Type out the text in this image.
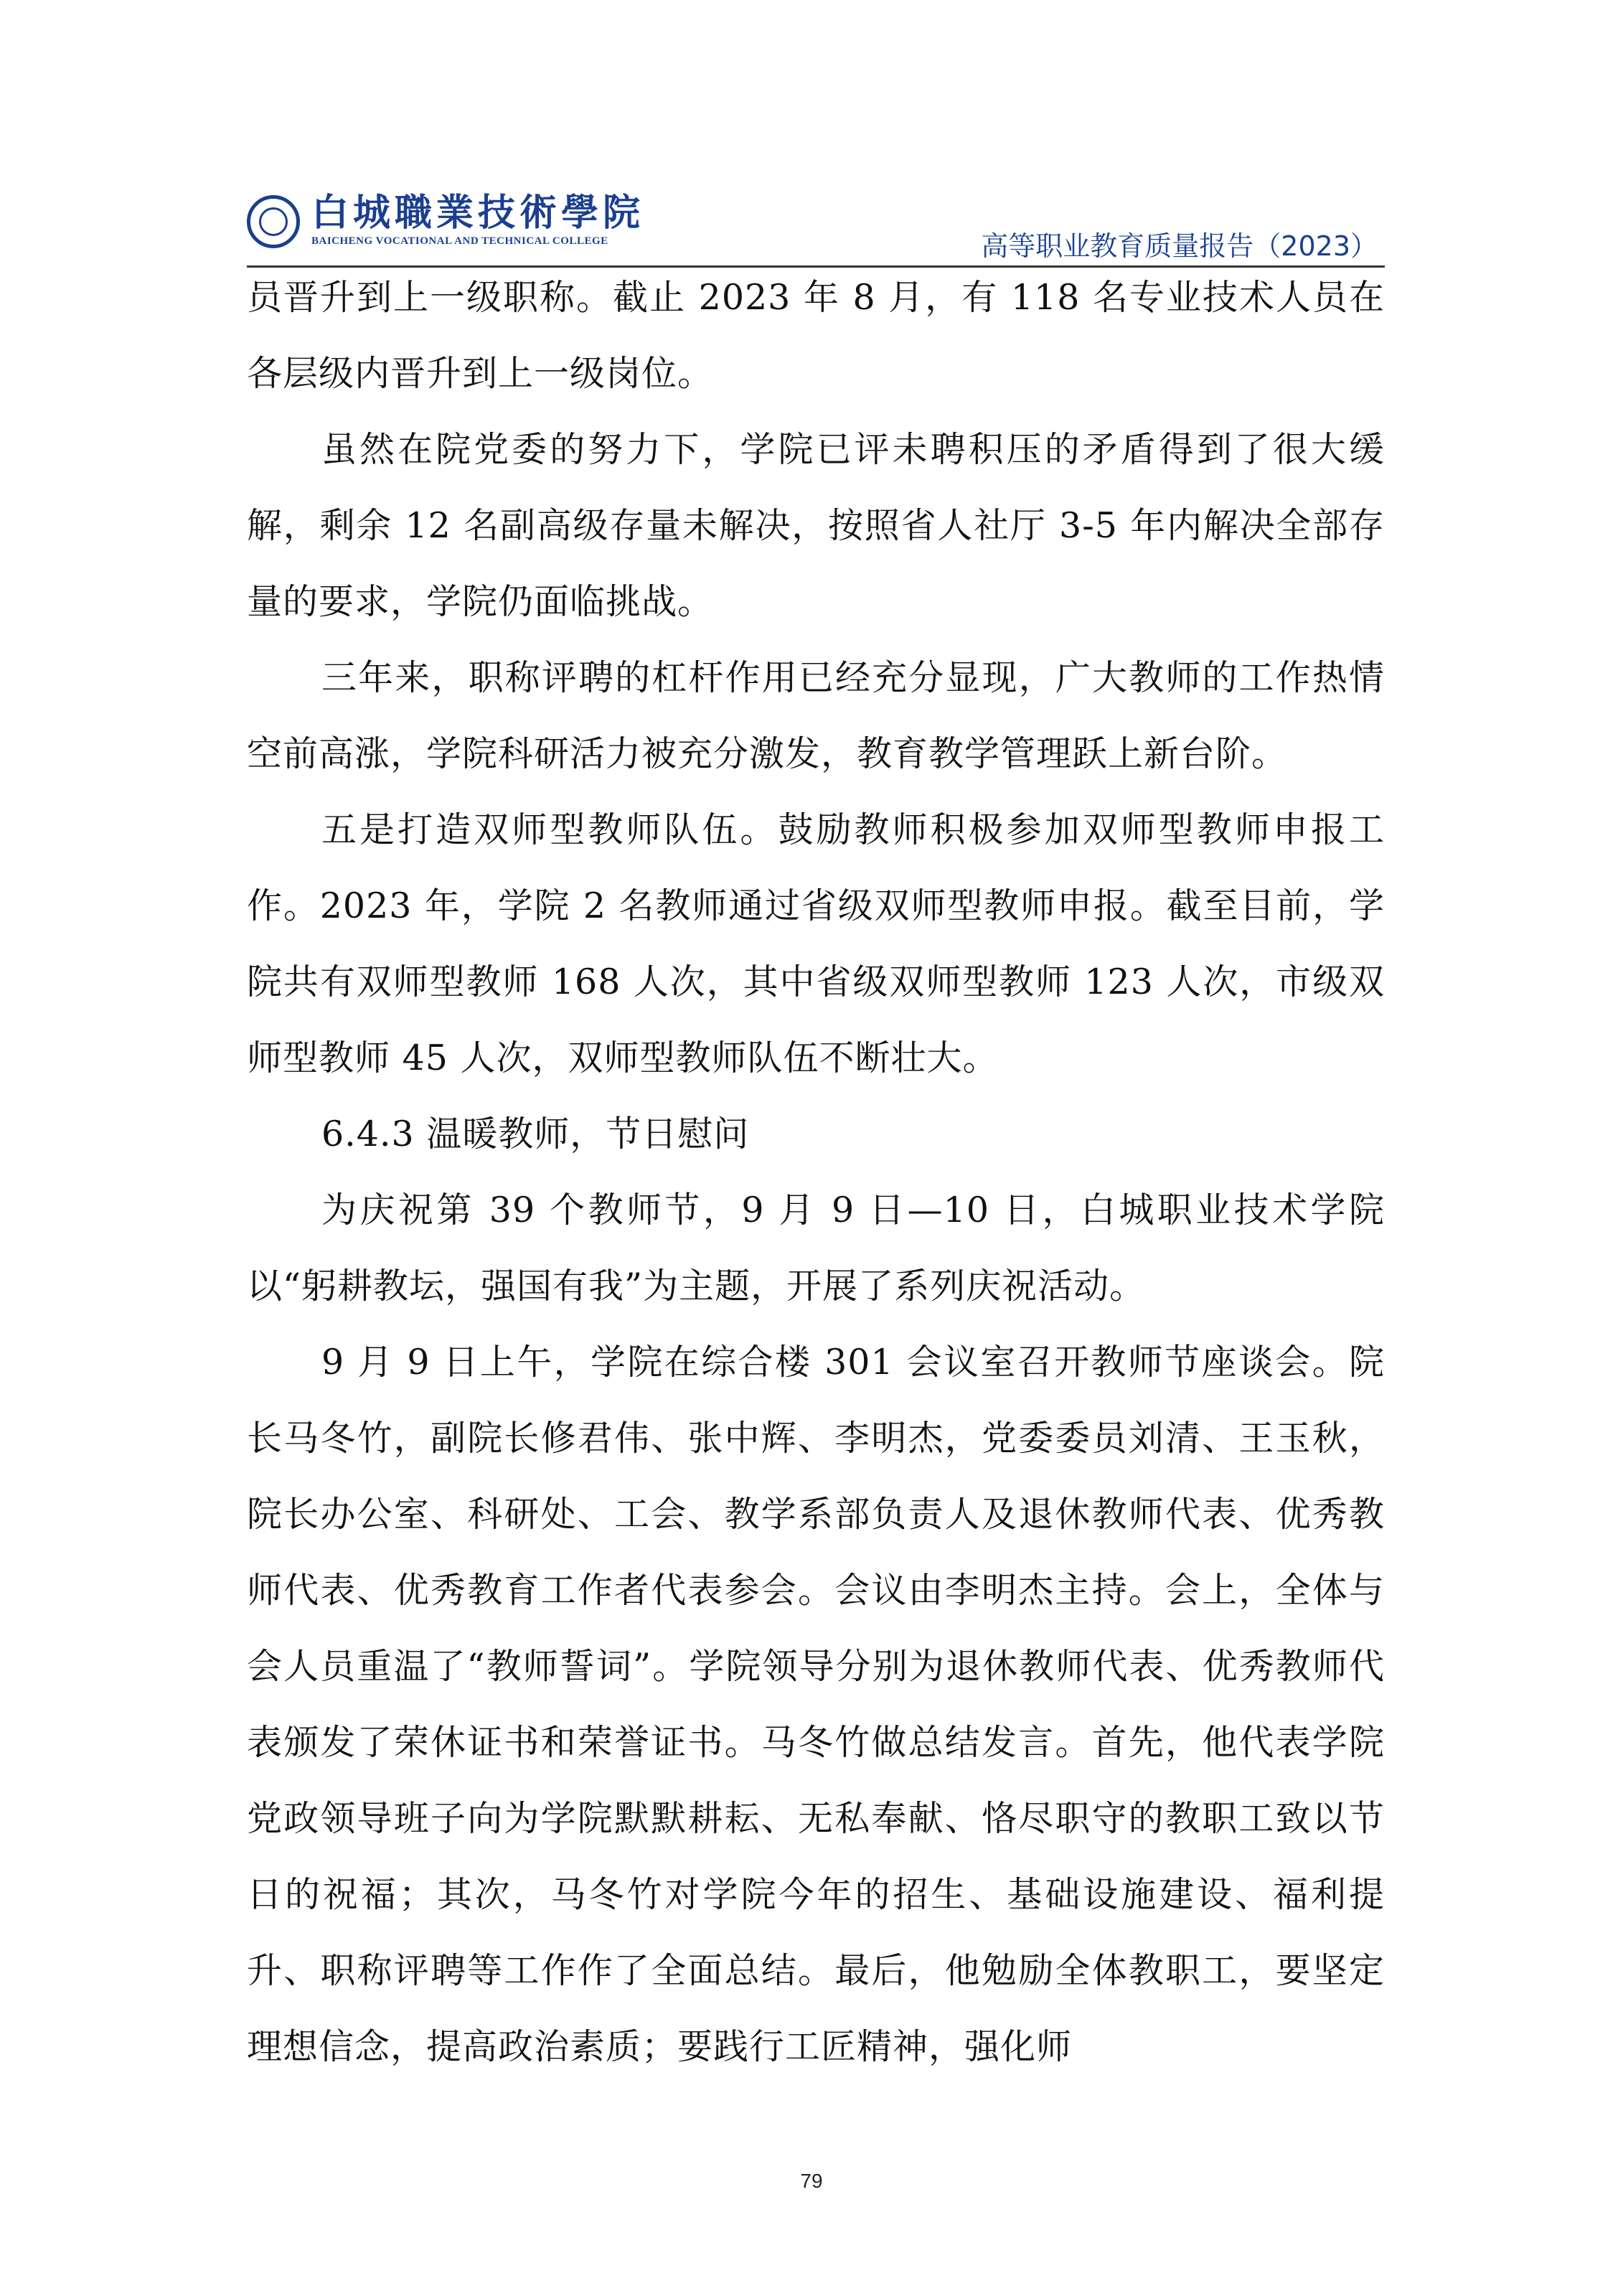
白城職業技術學院
BAICHENG VOCATIONAL AND TECHNICAL COLLEGE	高等职业教育质量报告（2023）

员晋升到上一级职称。截止 2023 年 8 月，有 118 名专业技术人员在各层级内晋升到上一级岗位。

虽然在院党委的努力下，学院已评未聘积压的矛盾得到了很大缓解，剩余 12 名副高级存量未解决，按照省人社厅 3-5 年内解决全部存量的要求，学院仍面临挑战。

三年来，职称评聘的杠杆作用已经充分显现，广大教师的工作热情空前高涨，学院科研活力被充分激发，教育教学管理跃上新台阶。

五是打造双师型教师队伍。鼓励教师积极参加双师型教师申报工作。2023 年，学院 2 名教师通过省级双师型教师申报。截至目前，学院共有双师型教师 168 人次，其中省级双师型教师 123 人次，市级双师型教师 45 人次，双师型教师队伍不断壮大。

6.4.3 温暖教师，节日慰问

为庆祝第 39 个教师节，9 月 9 日—10 日，白城职业技术学院以“躬耕教坛，强国有我”为主题，开展了系列庆祝活动。

9 月 9 日上午，学院在综合楼 301 会议室召开教师节座谈会。院长马冬竹，副院长修君伟、张中辉、李明杰，党委委员刘清、王玉秋，院长办公室、科研处、工会、教学系部负责人及退休教师代表、优秀教师代表、优秀教育工作者代表参会。会议由李明杰主持。会上，全体与会人员重温了“教师誓词”。学院领导分别为退休教师代表、优秀教师代表颁发了荣休证书和荣誉证书。马冬竹做总结发言。首先，他代表学院党政领导班子向为学院默默耕耘、无私奉献、恪尽职守的教职工致以节日的祝福；其次，马冬竹对学院今年的招生、基础设施建设、福利提升、职称评聘等工作作了全面总结。最后，他勉励全体教职工，要坚定理想信念，提高政治素质；要践行工匠精神，强化师

79
